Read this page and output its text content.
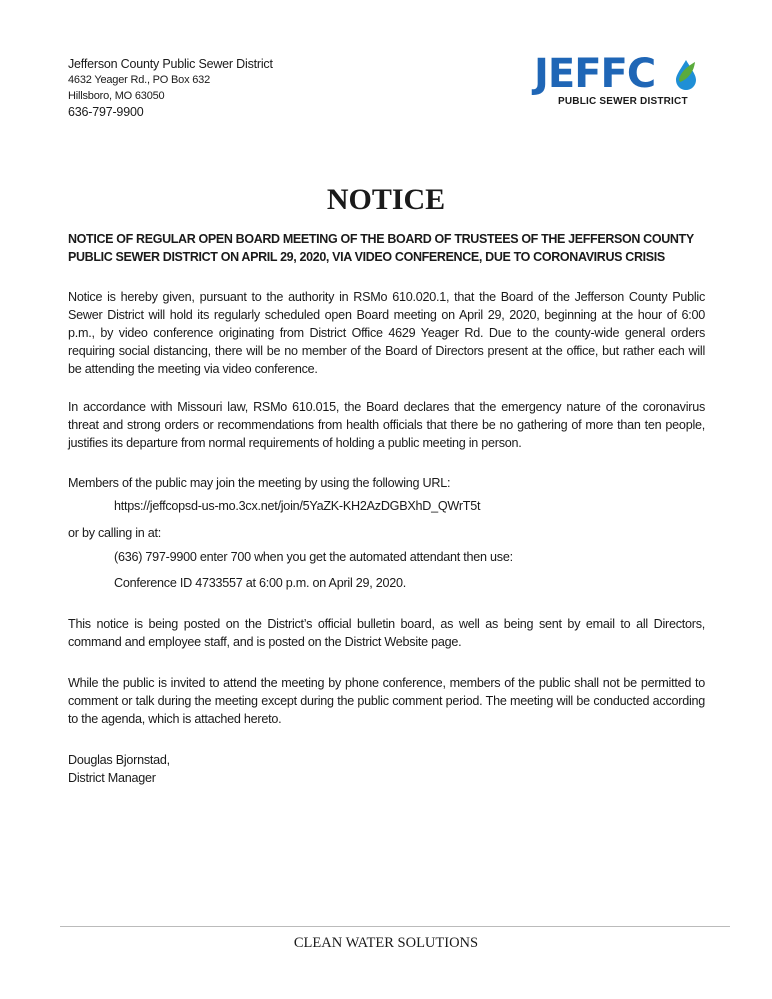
Jefferson County Public Sewer District
4632 Yeager Rd., PO Box 632
Hillsboro, MO 63050
636-797-9900
JEFFC
PUBLIC SEWER DISTRICT
NOTICE
NOTICE OF REGULAR OPEN BOARD MEETING OF THE BOARD OF TRUSTEES OF THE JEFFERSON COUNTY PUBLIC SEWER DISTRICT ON APRIL 29, 2020, VIA VIDEO CONFERENCE, DUE TO CORONAVIRUS CRISIS
Notice is hereby given, pursuant to the authority in RSMo 610.020.1, that the Board of the Jefferson County Public Sewer District will hold its regularly scheduled open Board meeting on April 29, 2020, beginning at the hour of 6:00 p.m., by video conference originating from District Office 4629 Yeager Rd. Due to the county-wide general orders requiring social distancing, there will be no member of the Board of Directors present at the office, but rather each will be attending the meeting via video conference.
In accordance with Missouri law, RSMo 610.015, the Board declares that the emergency nature of the coronavirus threat and strong orders or recommendations from health officials that there be no gathering of more than ten people, justifies its departure from normal requirements of holding a public meeting in person.
Members of the public may join the meeting by using the following URL:
https://jeffcopsd-us-mo.3cx.net/join/5YaZK-KH2AzDGBXhD_QWrT5t
or by calling in at:
(636) 797-9900 enter 700 when you get the automated attendant then use:
Conference ID 4733557 at 6:00 p.m. on April 29, 2020.
This notice is being posted on the District’s official bulletin board, as well as being sent by email to all Directors, command and employee staff, and is posted on the District Website page.
While the public is invited to attend the meeting by phone conference, members of the public shall not be permitted to comment or talk during the meeting except during the public comment period. The meeting will be conducted according to the agenda, which is attached hereto.
Douglas Bjornstad,
District Manager
CLEAN WATER SOLUTIONS
